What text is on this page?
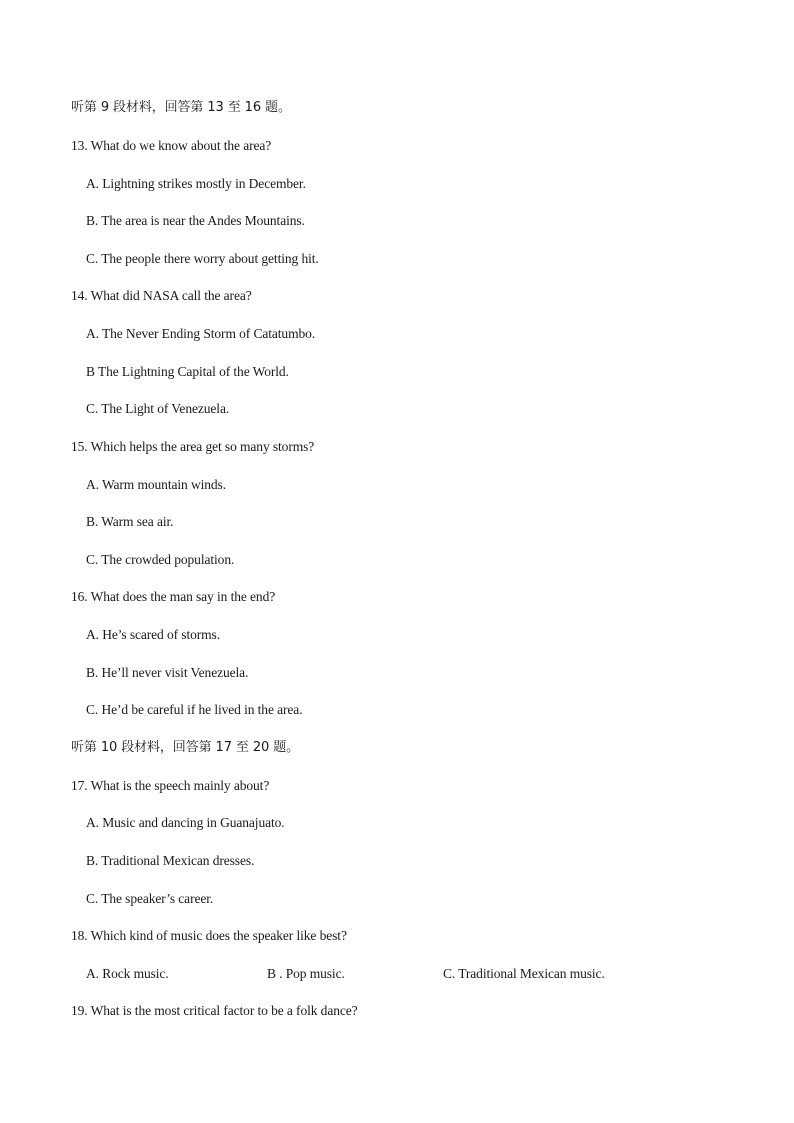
听第 9 段材料，回答第 13 至 16 题。
13. What do we know about the area?
A. Lightning strikes mostly in December.
B. The area is near the Andes Mountains.
C. The people there worry about getting hit.
14. What did NASA call the area?
A. The Never Ending Storm of Catatumbo.
B The Lightning Capital of the World.
C. The Light of Venezuela.
15. Which helps the area get so many storms?
A. Warm mountain winds.
B. Warm sea air.
C. The crowded population.
16. What does the man say in the end?
A. He’s scared of storms.
B. He’ll never visit Venezuela.
C. He’d be careful if he lived in the area.
听第 10 段材料，回答第 17 至 20 题。
17. What is the speech mainly about?
A. Music and dancing in Guanajuato.
B. Traditional Mexican dresses.
C. The speaker’s career.
18. Which kind of music does the speaker like best?
A. Rock music.	B . Pop music.	C. Traditional Mexican music.
19. What is the most critical factor to be a folk dance?
